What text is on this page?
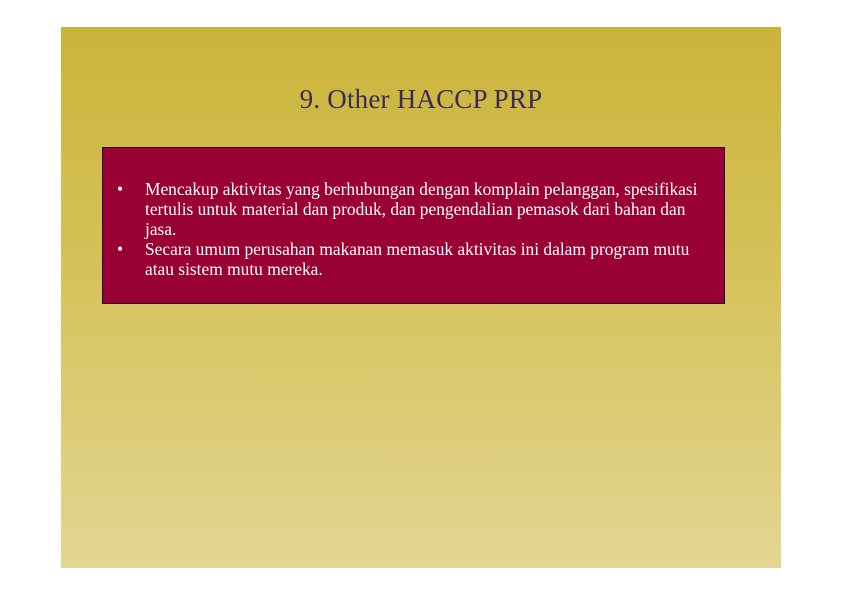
9. Other HACCP PRP
• Mencakup aktivitas yang berhubungan dengan komplain pelanggan, spesifikasi tertulis untuk material dan produk, dan pengendalian pemasok dari bahan dan jasa.
• Secara umum perusahan makanan memasuk aktivitas ini dalam program mutu atau sistem mutu mereka.
